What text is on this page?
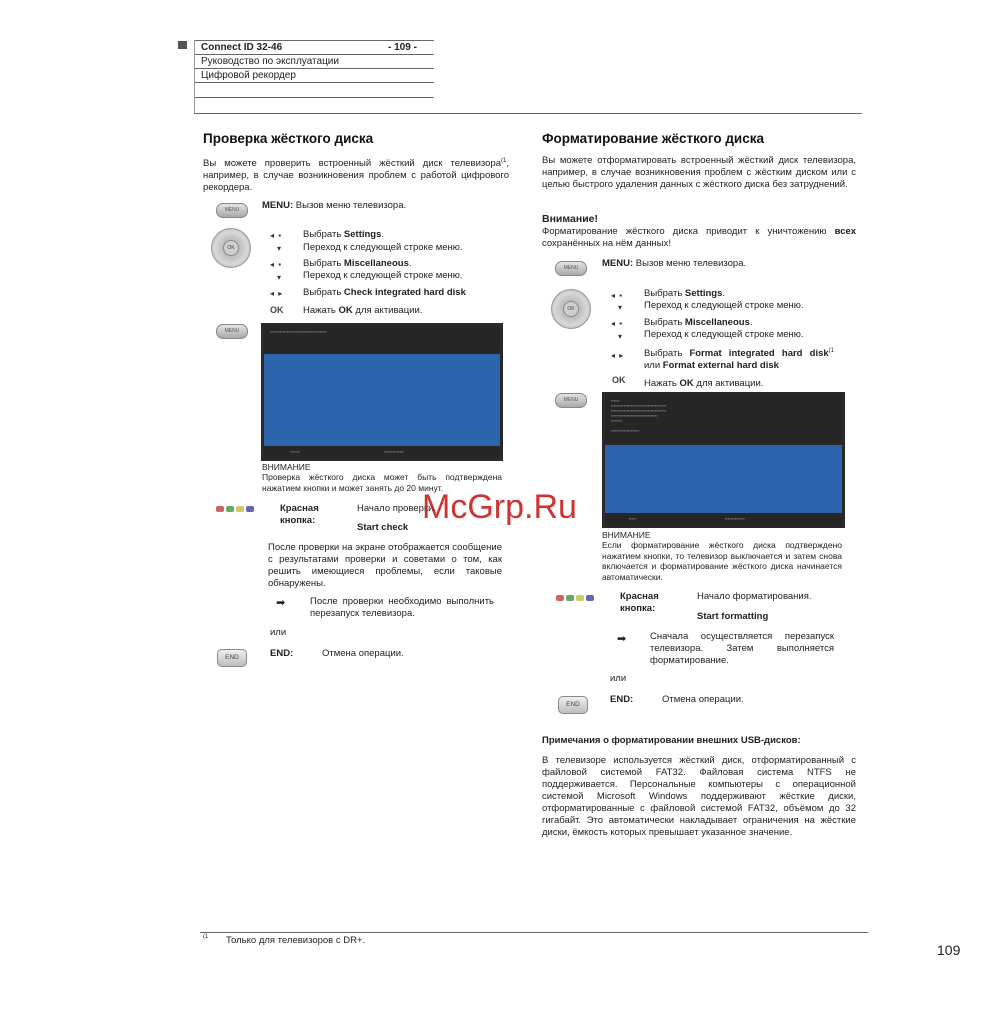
Connect ID 32-46	- 109 -
Руководство по эксплуатации
Цифровой рекордер
Проверка жёсткого диска
Вы можете проверить встроенный жёсткий диск телевизора$^{(1}$, например, в случае возникновения проблем с работой цифрового рекордера.
MENU	MENU: Вызов меню телевизора.
OK
◂ ▪ Выбрать Settings.
▾ Переход к следующей строке меню.
◂ ▪ Выбрать Miscellaneous.
▾ Переход к следующей строке меню.
◂ ▸ Выбрать Check integrated hard disk
OK Нажать OK для активации.
MENU	▪▪▪▪▪▪▪▪▪▪▪▪▪▪▪▪▪▪▪▪▪▪▪▪▪▪▪▪▪▪▪▪▪▪▪▪▪▪▪▪
▪▪▪▪▪▪▪	▪▪▪▪▪▪▪▪▪▪▪▪▪▪
ВНИМАНИЕ
Проверка жёсткого диска может быть подтверждена нажатием кнопки и может занять до 20 минут.
Красная кнопка:
Начало проверки.
Start check
После проверки на экране отображается сообщение с результатами проверки и советами о том, как решить имеющиеся проблемы, если таковые обнаружены.
➡	После проверки необходимо выполнить перезапуск телевизора.
или
END	END:	Отмена операции.
Форматирование жёсткого диска
Вы можете отформатировать встроенный жёсткий диск телевизора, например, в случае возникновения проблем с жёстким диском или с целью быстрого удаления данных с жёсткого диска без затруднений.
Внимание!
Форматирование жёсткого диска приводит к уничтожению всех сохранённых на нём данных!
MENU	MENU: Вызов меню телевизора.
OK
◂ ▪ Выбрать Settings.
▾ Переход к следующей строке меню.
◂ ▪ Выбрать Miscellaneous.
▾ Переход к следующей строке меню.
◂ ▸ Выбрать Format integrated hard disk$^{(1}$ или Format external hard disk
OK Нажать OK для активации.
MENU	▪▪▪▪▪▪
▪▪▪▪▪▪▪▪▪▪▪▪▪▪▪▪▪▪▪▪▪▪▪▪▪▪▪▪▪▪▪▪▪▪▪▪▪▪▪
▪▪▪▪▪▪▪▪▪▪▪▪▪▪▪▪▪▪▪▪▪▪▪▪▪▪▪▪▪▪▪▪▪▪▪▪▪▪▪
▪▪▪▪▪▪▪▪▪▪▪▪▪▪▪▪▪▪▪▪▪▪▪▪▪▪▪▪▪▪▪▪▪
▪▪▪▪▪▪▪▪

▪▪▪▪▪▪▪▪▪▪▪▪▪▪▪▪▪▪▪▪
▪▪▪▪▪	▪▪▪▪▪▪▪▪▪▪▪▪▪▪
ВНИМАНИЕ
Если форматирование жёсткого диска подтверждено нажатием кнопки, то телевизор выключается и затем снова включается и форматирование жёсткого диска начинается автоматически.
Красная кнопка:
Начало форматирования.
Start formatting
➡	Сначала осуществляется перезапуск телевизора. Затем выполняется форматирование.
или
END	END:	Отмена операции.
Примечания о форматировании внешних USB-дисков:
В телевизоре используется жёсткий диск, отформатированный с файловой системой FAT32. Файловая система NTFS не поддерживается. Персональные компьютеры с операционной системой Microsoft Windows поддерживают жёсткие диски, отформатированные с файловой системой FAT32, объёмом до 32 гигабайт. Это автоматически накладывает ограничения на жёсткие диски, ёмкость которых превышает указанное значение.
McGrp.Ru
(1 Только для телевизоров с DR+.
109
